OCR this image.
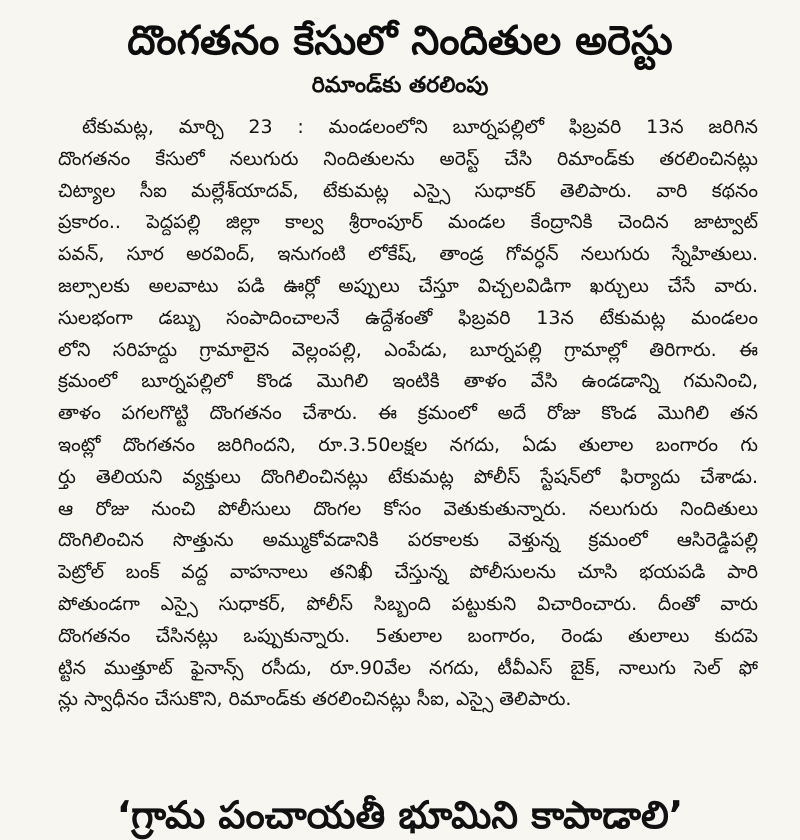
దొంగతనం కేసులో నిందితుల అరెస్టు
రిమాండ్‌కు తరలింపు
టేకుమట్ల, మార్చి 23 : మండలంలోని బూర్నపల్లిలో ఫిబ్రవరి 13న జరిగిన
దొంగతనం కేసులో నలుగురు నిందితులను అరెస్ట్ చేసి రిమాండ్‌కు తరలించినట్లు
చిట్యాల సీఐ మల్లేశ్‌యాదవ్, టేకుమట్ల ఎస్సై సుధాకర్ తెలిపారు. వారి కథనం
ప్రకారం.. పెద్దపల్లి జిల్లా కాల్వ శ్రీరాంపూర్ మండల కేంద్రానికి చెందిన జాట్వాట్
పవన్, సూర అరవింద్, ఇనుగంటి లోకేష్, తాండ్ర గోవర్ధన్ నలుగురు స్నేహితులు.
జల్సాలకు అలవాటు పడి ఊర్లో అప్పులు చేస్తూ విచ్చలవిడిగా ఖర్చులు చేసే వారు.
సులభంగా డబ్బు సంపాదించాలనే ఉద్దేశంతో ఫిబ్రవరి 13న టేకుమట్ల మండలం
లోని సరిహద్దు గ్రామాలైన వెల్లంపల్లి, ఎంపేడు, బూర్నపల్లి గ్రామాల్లో తిరిగారు. ఈ
క్రమంలో బూర్నపల్లిలో కొండ మొగిలి ఇంటికి తాళం వేసి ఉండడాన్ని గమనించి,
తాళం పగలగొట్టి దొంగతనం చేశారు. ఈ క్రమంలో అదే రోజు కొండ మొగిలి తన
ఇంట్లో దొంగతనం జరిగిందని, రూ.3.50లక్షల నగదు, ఏడు తులాల బంగారం గు
ర్తు తెలియని వ్యక్తులు దొంగిలించినట్లు టేకుమట్ల పోలీస్ స్టేషన్‌లో ఫిర్యాదు చేశాడు.
ఆ రోజు నుంచి పోలీసులు దొంగల కోసం వెతుకుతున్నారు. నలుగురు నిందితులు
దొంగిలించిన సొత్తును అమ్ముకోవడానికి పరకాలకు వెళ్తున్న క్రమంలో ఆసిరెడ్డిపల్లి
పెట్రోల్ బంక్ వద్ద వాహనాలు తనిఖీ చేస్తున్న పోలీసులను చూసి భయపడి పారి
పోతుండగా ఎస్సై సుధాకర్, పోలీస్ సిబ్బంది పట్టుకుని విచారించారు. దీంతో వారు
దొంగతనం చేసినట్లు ఒప్పుకున్నారు. 5తులాల బంగారం, రెండు తులాలు కుదపె
ట్టిన ముత్తూట్ ఫైనాన్స్ రసీదు, రూ.90వేల నగదు, టీవీఎస్ బైక్, నాలుగు సెల్ ఫో
న్లు స్వాధీనం చేసుకొని, రిమాండ్‌కు తరలించినట్లు సీఐ, ఎస్సై తెలిపారు.
‘గ్రామ పంచాయతీ భూమిని కాపాడాలి’
